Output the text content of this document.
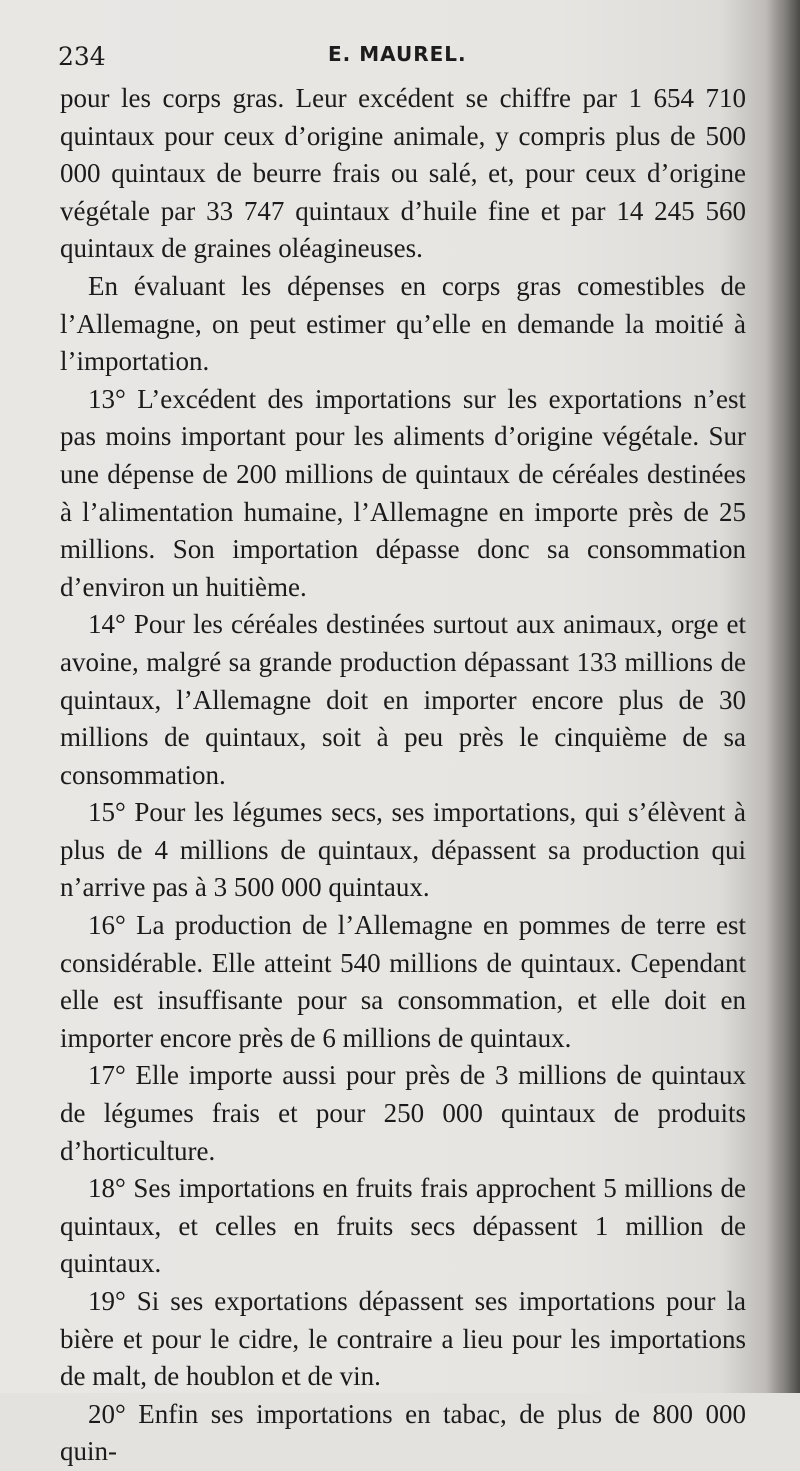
234	E. MAUREL.

pour les corps gras. Leur excédent se chiffre par 1 654 710 quintaux pour ceux d’origine animale, y compris plus de 500 000 quintaux de beurre frais ou salé, et, pour ceux d’origine végétale par 33 747 quintaux d’huile fine et par 14 245 560 quintaux de graines oléagineuses.

En évaluant les dépenses en corps gras comestibles de l’Allemagne, on peut estimer qu’elle en demande la moitié à l’importation.

13° L’excédent des importations sur les exportations n’est pas moins important pour les aliments d’origine végétale. Sur une dépense de 200 millions de quintaux de céréales destinées à l’alimentation humaine, l’Allemagne en importe près de 25 millions. Son importation dépasse donc sa consommation d’environ un huitième.

14° Pour les céréales destinées surtout aux animaux, orge et avoine, malgré sa grande production dépassant 133 millions de quintaux, l’Allemagne doit en importer encore plus de 30 millions de quintaux, soit à peu près le cinquième de sa consommation.

15° Pour les légumes secs, ses importations, qui s’élèvent à plus de 4 millions de quintaux, dépassent sa production qui n’arrive pas à 3 500 000 quintaux.

16° La production de l’Allemagne en pommes de terre est considérable. Elle atteint 540 millions de quintaux. Cependant elle est insuffisante pour sa consommation, et elle doit en importer encore près de 6 millions de quintaux.

17° Elle importe aussi pour près de 3 millions de quintaux de légumes frais et pour 250 000 quintaux de produits d’horticulture.

18° Ses importations en fruits frais approchent 5 millions de quintaux, et celles en fruits secs dépassent 1 million de quintaux.

19° Si ses exportations dépassent ses importations pour la bière et pour le cidre, le contraire a lieu pour les importations de malt, de houblon et de vin.

20° Enfin ses importations en tabac, de plus de 800 000 quin-
